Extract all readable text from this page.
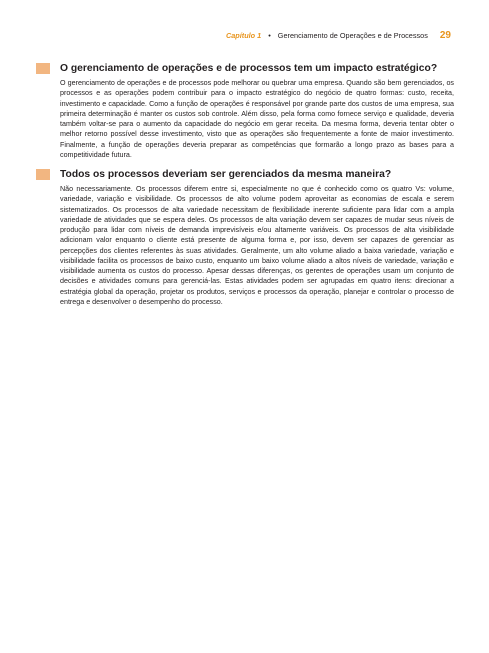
Capítulo 1 • Gerenciamento de Operações e de Processos 29
O gerenciamento de operações e de processos tem um impacto estratégico?
O gerenciamento de operações e de processos pode melhorar ou quebrar uma empresa. Quando são bem gerenciados, os processos e as operações podem contribuir para o impacto estratégico do negócio de quatro formas: custo, receita, investimento e capacidade. Como a função de operações é responsável por grande parte dos custos de uma empresa, sua primeira determinação é manter os custos sob controle. Além disso, pela forma como fornece serviço e qualidade, deveria também voltar-se para o aumento da capacidade do negócio em gerar receita. Da mesma forma, deveria tentar obter o melhor retorno possível desse investimento, visto que as operações são frequentemente a fonte de maior investimento. Finalmente, a função de operações deveria preparar as competências que formarão a longo prazo as bases para a competitividade futura.
Todos os processos deveriam ser gerenciados da mesma maneira?
Não necessariamente. Os processos diferem entre si, especialmente no que é conhecido como os quatro Vs: volume, variedade, variação e visibilidade. Os processos de alto volume podem aproveitar as economias de escala e serem sistematizados. Os processos de alta variedade necessitam de flexibilidade inerente suficiente para lidar com a ampla variedade de atividades que se espera deles. Os processos de alta variação devem ser capazes de mudar seus níveis de produção para lidar com níveis de demanda imprevisíveis e/ou altamente variáveis. Os processos de alta visibilidade adicionam valor enquanto o cliente está presente de alguma forma e, por isso, devem ser capazes de gerenciar as percepções dos clientes referentes às suas atividades. Geralmente, um alto volume aliado a baixa variedade, variação e visibilidade facilita os processos de baixo custo, enquanto um baixo volume aliado a altos níveis de variedade, variação e visibilidade aumenta os custos do processo. Apesar dessas diferenças, os gerentes de operações usam um conjunto de decisões e atividades comuns para gerenciá-las. Estas atividades podem ser agrupadas em quatro itens: direcionar a estratégia global da operação, projetar os produtos, serviços e processos da operação, planejar e controlar o processo de entrega e desenvolver o desempenho do processo.
